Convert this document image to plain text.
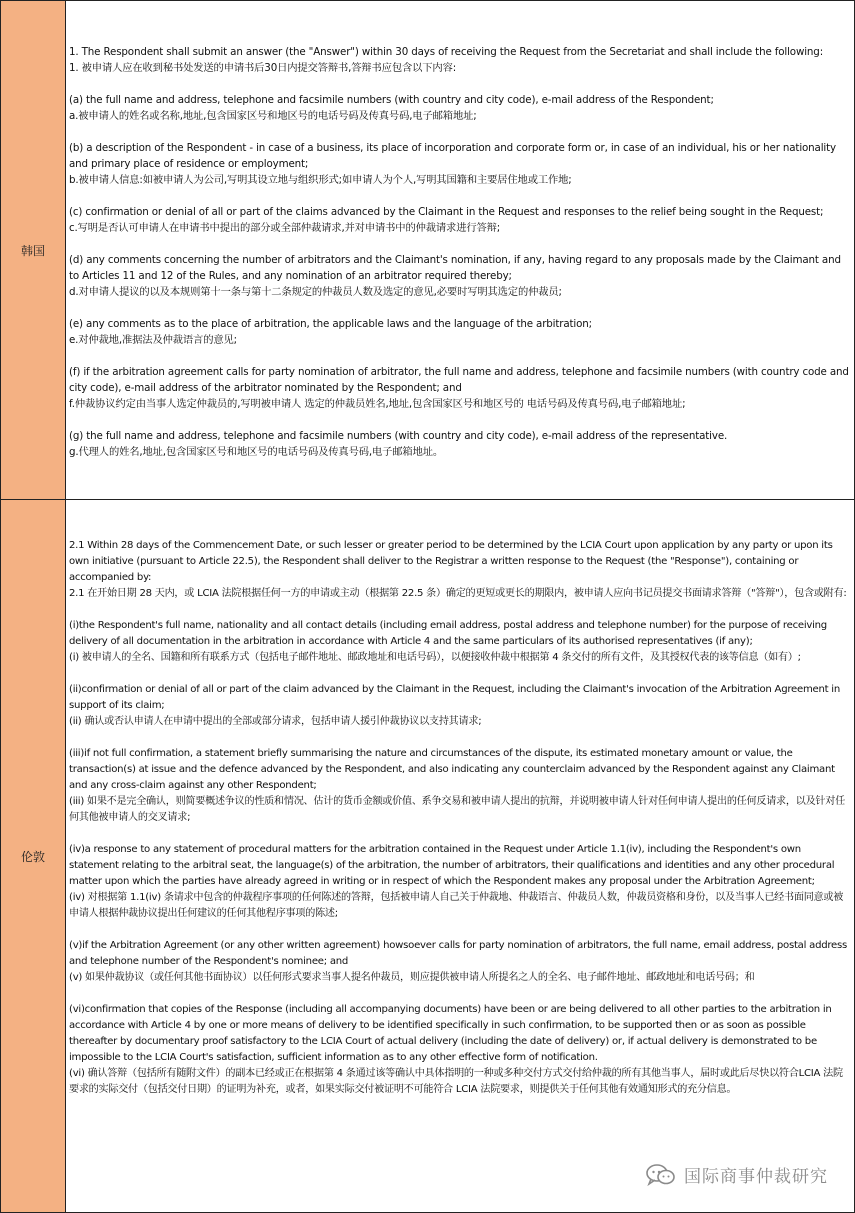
韩国

1. The Respondent shall submit an answer (the "Answer") within 30 days of receiving the Request from the Secretariat and shall include the following:
1. 被申请人应在收到秘书处发送的申请书后30日内提交答辩书,答辩书应包含以下内容:

(a) the full name and address, telephone and facsimile numbers (with country and city code), e-mail address of the Respondent;
a.被申请人的姓名或名称,地址,包含国家区号和地区号的电话号码及传真号码,电子邮箱地址;

(b) a description of the Respondent - in case of a business, its place of incorporation and corporate form or, in case of an individual, his or her nationality and primary place of residence or employment;
b.被申请人信息:如被申请人为公司,写明其设立地与组织形式;如申请人为个人,写明其国籍和主要居住地或工作地;

(c) confirmation or denial of all or part of the claims advanced by the Claimant in the Request and responses to the relief being sought in the Request;
c.写明是否认可申请人在申请书中提出的部分或全部仲裁请求,并对申请书中的仲裁请求进行答辩;

(d) any comments concerning the number of arbitrators and the Claimant's nomination, if any, having regard to any proposals made by the Claimant and to Articles 11 and 12 of the Rules, and any nomination of an arbitrator required thereby;
d.对申请人提议的以及本规则第十一条与第十二条规定的仲裁员人数及选定的意见,必要时写明其选定的仲裁员;

(e) any comments as to the place of arbitration, the applicable laws and the language of the arbitration;
e.对仲裁地,准据法及仲裁语言的意见;

(f) if the arbitration agreement calls for party nomination of arbitrator, the full name and address, telephone and facsimile numbers (with country code and city code), e-mail address of the arbitrator nominated by the Respondent; and
f.仲裁协议约定由当事人选定仲裁员的,写明被申请人 选定的仲裁员姓名,地址,包含国家区号和地区号的 电话号码及传真号码,电子邮箱地址;

(g) the full name and address, telephone and facsimile numbers (with country and city code), e-mail address of the representative.
g.代理人的姓名,地址,包含国家区号和地区号的电话号码及传真号码,电子邮箱地址。

伦敦

2.1 Within 28 days of the Commencement Date, or such lesser or greater period to be determined by the LCIA Court upon application by any party or upon its own initiative (pursuant to Article 22.5), the Respondent shall deliver to the Registrar a written response to the Request (the "Response"), containing or accompanied by:
2.1 在开始日期 28 天内，或 LCIA 法院根据任何一方的申请或主动（根据第 22.5 条）确定的更短或更长的期限内，被申请人应向书记员提交书面请求答辩（"答辩"），包含或附有:

(i)the Respondent's full name, nationality and all contact details (including email address, postal address and telephone number) for the purpose of receiving delivery of all documentation in the arbitration in accordance with Article 4 and the same particulars of its authorised representatives (if any);
(i) 被申请人的全名、国籍和所有联系方式（包括电子邮件地址、邮政地址和电话号码），以便接收仲裁中根据第 4 条交付的所有文件，及其授权代表的该等信息（如有）;

(ii)confirmation or denial of all or part of the claim advanced by the Claimant in the Request, including the Claimant's invocation of the Arbitration Agreement in support of its claim;
(ii) 确认或否认申请人在申请中提出的全部或部分请求，包括申请人援引仲裁协议以支持其请求;

(iii)if not full confirmation, a statement briefly summarising the nature and circumstances of the dispute, its estimated monetary amount or value, the transaction(s) at issue and the defence advanced by the Respondent, and also indicating any counterclaim advanced by the Respondent against any Claimant and any cross-claim against any other Respondent;
(iii) 如果不是完全确认，则简要概述争议的性质和情况、估计的货币金额或价值、系争交易和被申请人提出的抗辩，并说明被申请人针对任何申请人提出的任何反请求，以及针对任何其他被申请人的交叉请求;

(iv)a response to any statement of procedural matters for the arbitration contained in the Request under Article 1.1(iv), including the Respondent's own statement relating to the arbitral seat, the language(s) of the arbitration, the number of arbitrators, their qualifications and identities and any other procedural matter upon which the parties have already agreed in writing or in respect of which the Respondent makes any proposal under the Arbitration Agreement;
(iv) 对根据第 1.1(iv) 条请求中包含的仲裁程序事项的任何陈述的答辩，包括被申请人自己关于仲裁地、仲裁语言、仲裁员人数，仲裁员资格和身份，以及当事人已经书面同意或被申请人根据仲裁协议提出任何建议的任何其他程序事项的陈述;

(v)if the Arbitration Agreement (or any other written agreement) howsoever calls for party nomination of arbitrators, the full name, email address, postal address and telephone number of the Respondent's nominee; and
(v) 如果仲裁协议（或任何其他书面协议）以任何形式要求当事人提名仲裁员，则应提供被申请人所提名之人的全名、电子邮件地址、邮政地址和电话号码；和

(vi)confirmation that copies of the Response (including all accompanying documents) have been or are being delivered to all other parties to the arbitration in accordance with Article 4 by one or more means of delivery to be identified specifically in such confirmation, to be supported then or as soon as possible thereafter by documentary proof satisfactory to the LCIA Court of actual delivery (including the date of delivery) or, if actual delivery is demonstrated to be impossible to the LCIA Court's satisfaction, sufficient information as to any other effective form of notification.
(vi) 确认答辩（包括所有随附文件）的副本已经或正在根据第 4 条通过该等确认中具体指明的一种或多种交付方式交付给仲裁的所有其他当事人，届时或此后尽快以符合LCIA 法院要求的实际交付（包括交付日期）的证明为补充，或者，如果实际交付被证明不可能符合 LCIA 法院要求，则提供关于任何其他有效通知形式的充分信息。

国际商事仲裁研究
